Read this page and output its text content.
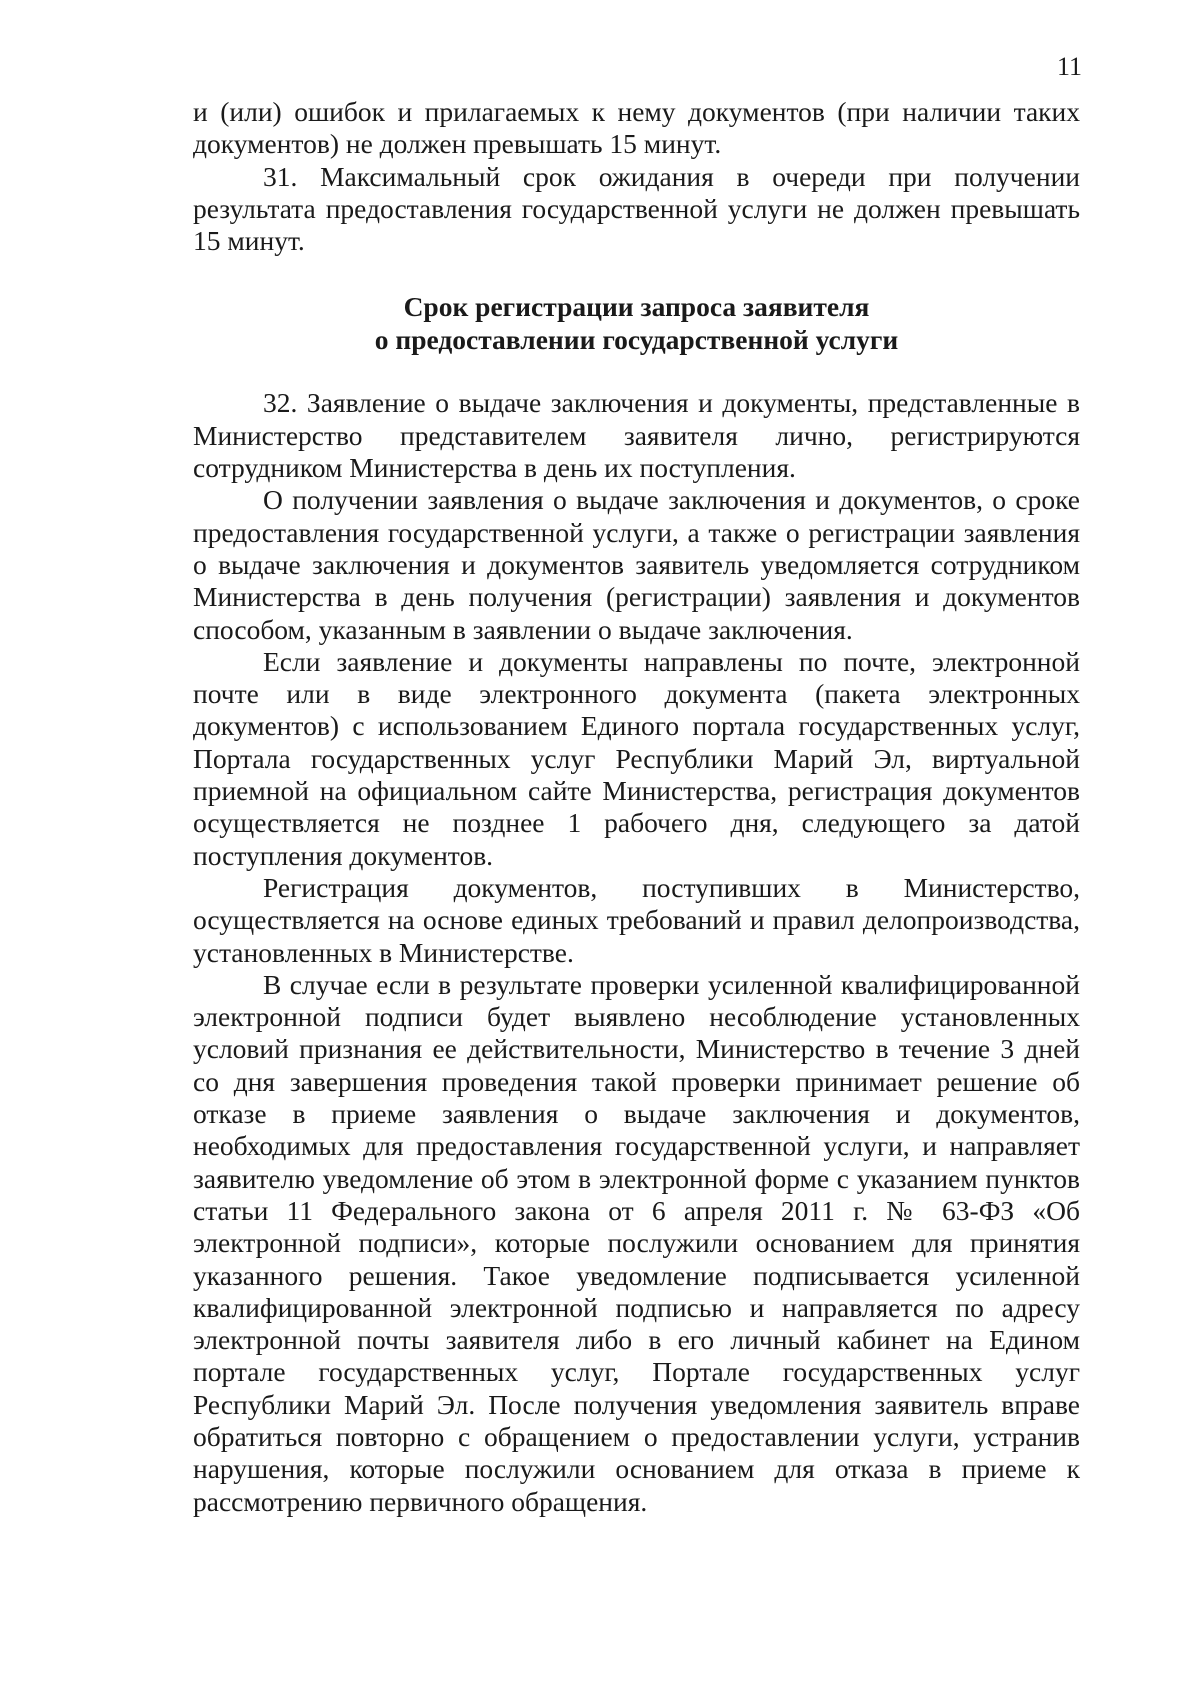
11

и (или) ошибок и прилагаемых к нему документов (при наличии таких документов) не должен превышать 15 минут.

31. Максимальный срок ожидания в очереди при получении результата предоставления государственной услуги не должен превышать 15 минут.

Срок регистрации запроса заявителя
о предоставлении государственной услуги

32. Заявление о выдаче заключения и документы, представленные в Министерство представителем заявителя лично, регистрируются сотрудником Министерства в день их поступления.

О получении заявления о выдаче заключения и документов, о сроке предоставления государственной услуги, а также о регистрации заявления о выдаче заключения и документов заявитель уведомляется сотрудником Министерства в день получения (регистрации) заявления и документов способом, указанным в заявлении о выдаче заключения.

Если заявление и документы направлены по почте, электронной почте или в виде электронного документа (пакета электронных документов) с использованием Единого портала государственных услуг, Портала государственных услуг Республики Марий Эл, виртуальной приемной на официальном сайте Министерства, регистрация документов осуществляется не позднее 1 рабочего дня, следующего за датой поступления документов.

Регистрация документов, поступивших в Министерство, осуществляется на основе единых требований и правил делопроизводства, установленных в Министерстве.

В случае если в результате проверки усиленной квалифицированной электронной подписи будет выявлено несоблюдение установленных условий признания ее действительности, Министерство в течение 3 дней со дня завершения проведения такой проверки принимает решение об отказе в приеме заявления о выдаче заключения и документов, необходимых для предоставления государственной услуги, и направляет заявителю уведомление об этом в электронной форме с указанием пунктов статьи 11 Федерального закона от 6 апреля 2011 г. № 63-ФЗ «Об электронной подписи», которые послужили основанием для принятия указанного решения. Такое уведомление подписывается усиленной квалифицированной электронной подписью и направляется по адресу электронной почты заявителя либо в его личный кабинет на Едином портале государственных услуг, Портале государственных услуг Республики Марий Эл. После получения уведомления заявитель вправе обратиться повторно с обращением о предоставлении услуги, устранив нарушения, которые послужили основанием для отказа в приеме к рассмотрению первичного обращения.
